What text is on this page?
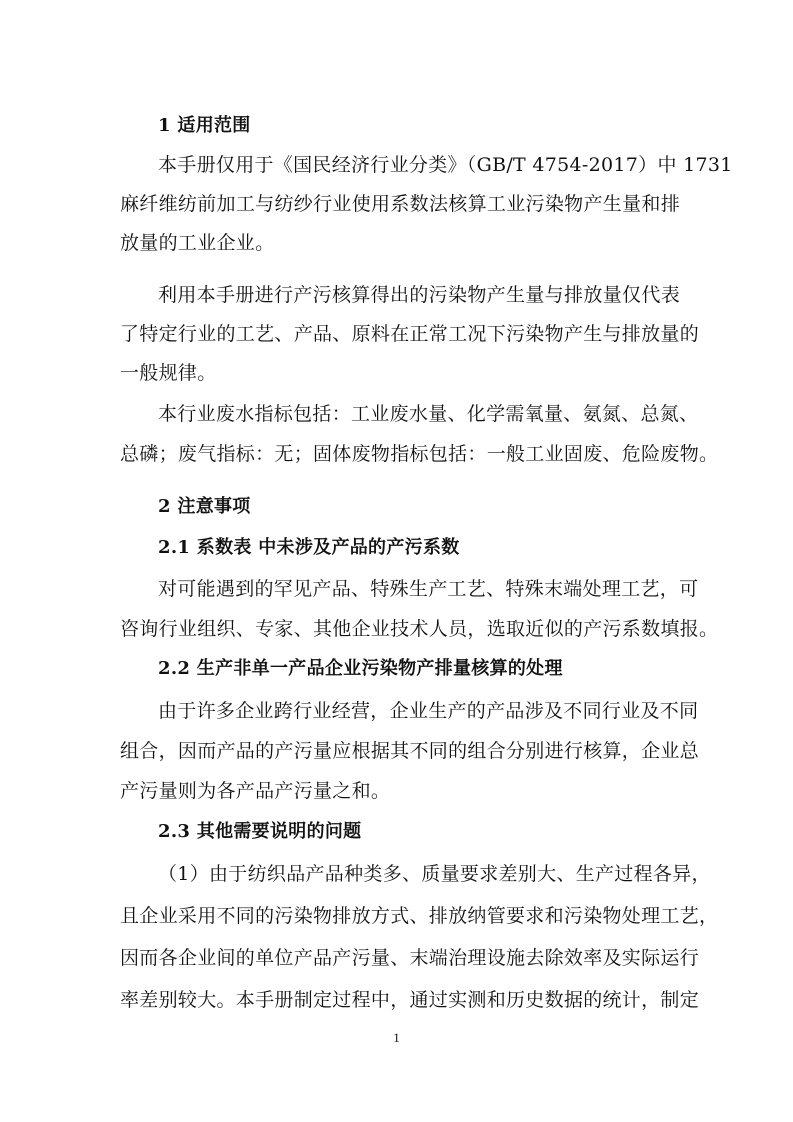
1 适用范围
本手册仅用于《国民经济行业分类》（GB/T 4754-2017）中 1731
麻纤维纺前加工与纺纱行业使用系数法核算工业污染物产生量和排
放量的工业企业。
利用本手册进行产污核算得出的污染物产生量与排放量仅代表
了特定行业的工艺、产品、原料在正常工况下污染物产生与排放量的
一般规律。
本行业废水指标包括：工业废水量、化学需氧量、氨氮、总氮、
总磷；废气指标：无；固体废物指标包括：一般工业固废、危险废物。
2 注意事项
2.1 系数表 中未涉及产品的产污系数
对可能遇到的罕见产品、特殊生产工艺、特殊末端处理工艺，可
咨询行业组织、专家、其他企业技术人员，选取近似的产污系数填报。
2.2 生产非单一产品企业污染物产排量核算的处理
由于许多企业跨行业经营，企业生产的产品涉及不同行业及不同
组合，因而产品的产污量应根据其不同的组合分别进行核算，企业总
产污量则为各产品产污量之和。
2.3 其他需要说明的问题
（1）由于纺织品产品种类多、质量要求差别大、生产过程各异，
且企业采用不同的污染物排放方式、排放纳管要求和污染物处理工艺，
因而各企业间的单位产品产污量、末端治理设施去除效率及实际运行
率差别较大。本手册制定过程中，通过实测和历史数据的统计，制定
1
